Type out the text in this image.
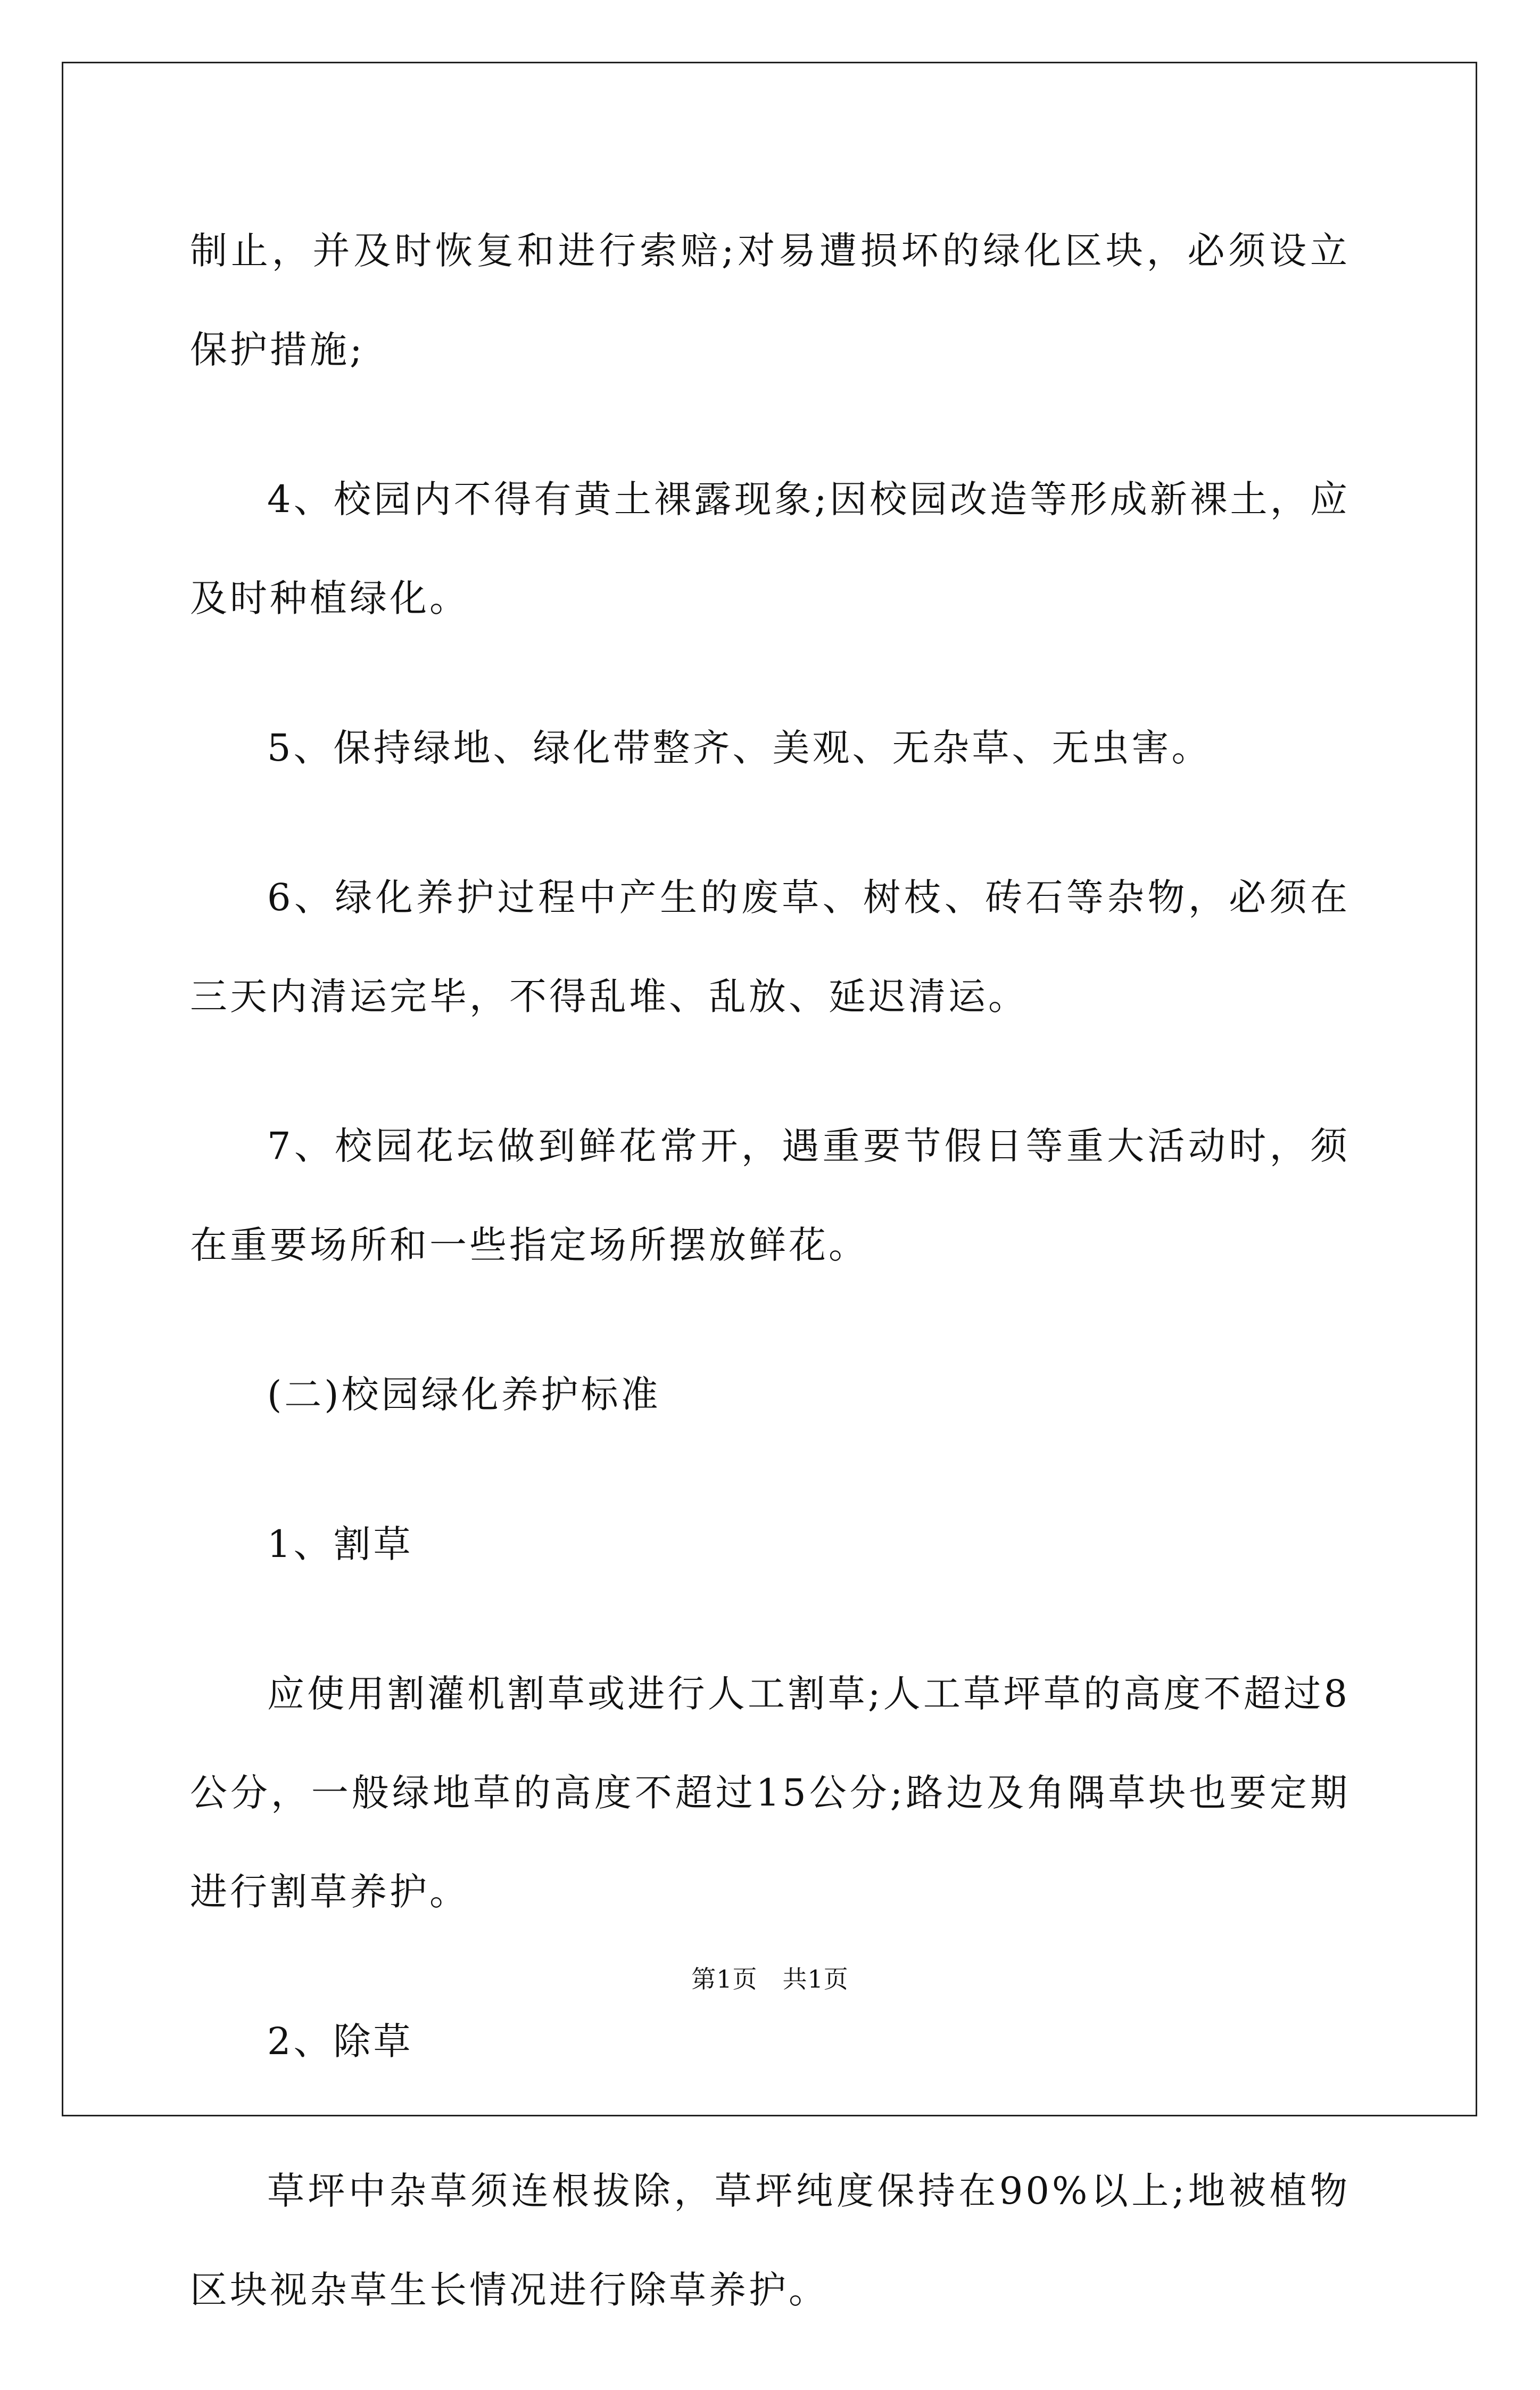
制止，并及时恢复和进行索赔;对易遭损坏的绿化区块，必须设立保护措施;

4、校园内不得有黄土裸露现象;因校园改造等形成新裸土，应及时种植绿化。

5、保持绿地、绿化带整齐、美观、无杂草、无虫害。

6、绿化养护过程中产生的废草、树枝、砖石等杂物，必须在三天内清运完毕，不得乱堆、乱放、延迟清运。

7、校园花坛做到鲜花常开，遇重要节假日等重大活动时，须在重要场所和一些指定场所摆放鲜花。

(二)校园绿化养护标准

1、割草

应使用割灌机割草或进行人工割草;人工草坪草的高度不超过8公分，一般绿地草的高度不超过15公分;路边及角隅草块也要定期进行割草养护。

2、除草

草坪中杂草须连根拔除，草坪纯度保持在90%以上;地被植物区块视杂草生长情况进行除草养护。

第1页 共1页
